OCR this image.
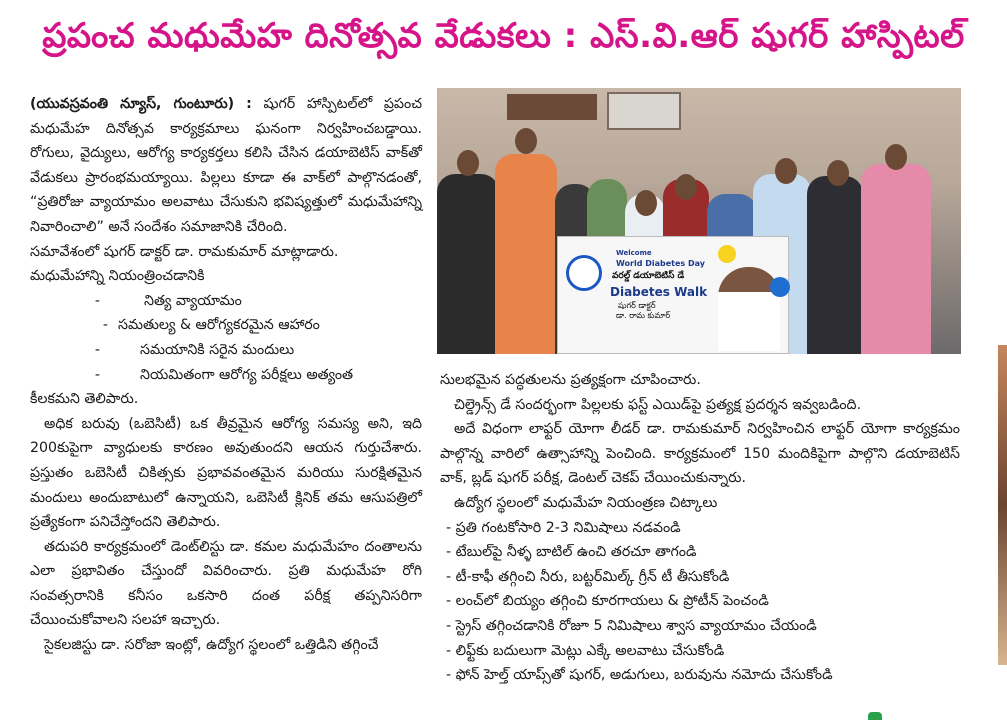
ప్రపంచ మధుమేహ దినోత్సవ వేడుకలు : ఎస్.వి.ఆర్ షుగర్ హాస్పిటల్

(యువస్రవంతి న్యూస్, గుంటూరు) : షుగర్ హాస్పిటల్‌లో ప్రపంచ మధుమేహ దినోత్సవ కార్యక్రమాలు ఘనంగా నిర్వహించబడ్డాయి. రోగులు, వైద్యులు, ఆరోగ్య కార్యకర్తలు కలిసి చేసిన డయాబెటిస్ వాక్‌తో వేడుకలు ప్రారంభమయ్యాయి. పిల్లలు కూడా ఈ వాక్‌లో పాల్గొనడంతో, “ప్రతిరోజు వ్యాయామం అలవాటు చేసుకుని భవిష్యత్తులో మధుమేహాన్ని నివారించాలి” అనే సందేశం సమాజానికి చేరింది.

సమావేశంలో షుగర్ డాక్టర్ డా. రామకుమార్ మాట్లాడారు.

మధుమేహాన్ని నియంత్రించడానికి

-	నిత్య వ్యాయామం
- సమతుల్య & ఆరోగ్యకరమైన ఆహారం
-	సమయానికి సరైన మందులు
-	నియమితంగా ఆరోగ్య పరీక్షలు అత్యంత

కీలకమని తెలిపారు.

అధిక బరువు (ఒబెసిటీ) ఒక తీవ్రమైన ఆరోగ్య సమస్య అని, ఇది 200కుపైగా వ్యాధులకు కారణం అవుతుందని ఆయన గుర్తుచేశారు. ప్రస్తుతం ఒబెసిటీ చికిత్సకు ప్రభావవంతమైన మరియు సురక్షితమైన మందులు అందుబాటులో ఉన్నాయని, ఒబెసిటీ క్లినిక్ తమ ఆసుపత్రిలో ప్రత్యేకంగా పనిచేస్తోందని తెలిపారు.

తదుపరి కార్యక్రమంలో డెంట్‌లిస్టు డా. కమల మధుమేహం దంతాలను ఎలా ప్రభావితం చేస్తుందో వివరించారు. ప్రతి మధుమేహ రోగి సంవత్సరానికి కనీసం ఒకసారి దంత పరీక్ష తప్పనిసరిగా చేయించుకోవాలని సలహా ఇచ్చారు.

సైకలజిస్టు డా. సరోజా ఇంట్లో, ఉద్యోగ స్థలంలో ఒత్తిడిని తగ్గించే

Welcome
World Diabetes Day
వరల్డ్ డయాబెటిస్ డే
Diabetes Walk
షుగర్ డాక్టర్
డా. రామ కుమార్

సులభమైన పద్ధతులను ప్రత్యక్షంగా చూపించారు.

చిల్డ్రెన్స్ డే సందర్భంగా పిల్లలకు ఫస్ట్ ఎయిడ్‌పై ప్రత్యక్ష ప్రదర్శన ఇవ్వబడింది.

అదే విధంగా లాఫ్టర్ యోగా లీడర్ డా. రామకుమార్ నిర్వహించిన లాఫ్టర్ యోగా కార్యక్రమం పాల్గొన్న వారిలో ఉత్సాహాన్ని పెంచింది. కార్యక్రమంలో 150 మందికిపైగా పాల్గొని డయాబెటిస్ వాక్, బ్లడ్ షుగర్ పరీక్ష, డెంటల్ చెకప్ చేయించుకున్నారు.

ఉద్యోగ స్థలంలో మధుమేహ నియంత్రణ చిట్కాలు

- ప్రతి గంటకోసారి 2-3 నిమిషాలు నడవండి
- టేబుల్‌పై నీళ్ళ బాటిల్ ఉంచి తరచూ తాగండి
- టీ-కాఫీ తగ్గించి నీరు, బట్టర్‌మిల్క్ గ్రీన్ టీ తీసుకోండి
- లంచ్‌లో బియ్యం తగ్గించి కూరగాయలు & ప్రోటీన్ పెంచండి
- స్ట్రెస్ తగ్గించడానికి రోజూ 5 నిమిషాలు శ్వాస వ్యాయామం చేయండి
- లిఫ్ట్‌కు బదులుగా మెట్లు ఎక్కే అలవాటు చేసుకోండి
- ఫోన్ హెల్త్ యాప్స్‌తో షుగర్, అడుగులు, బరువును నమోదు చేసుకోండి
